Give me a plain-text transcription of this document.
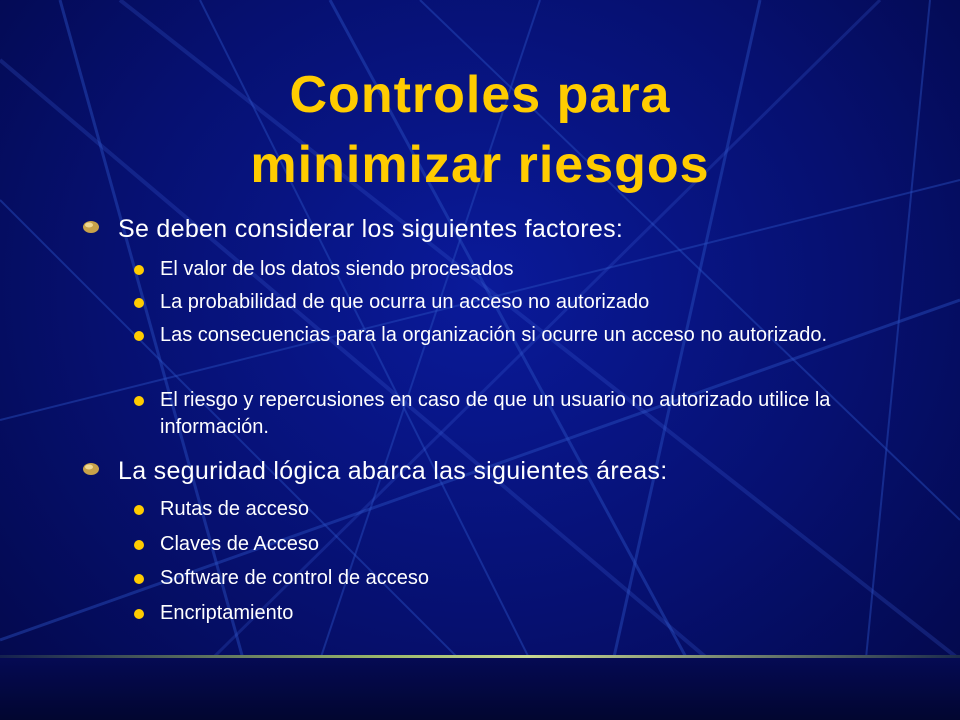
Controles para
minimizar riesgos
Se deben considerar los siguientes factores:
El valor de los datos siendo procesados
La probabilidad de que ocurra un acceso no autorizado
Las consecuencias para la organización si ocurre un acceso no autorizado.
El riesgo y repercusiones en caso de que un usuario no autorizado utilice la información.
La seguridad lógica abarca las siguientes áreas:
Rutas de acceso
Claves de Acceso
Software de control de acceso
Encriptamiento
